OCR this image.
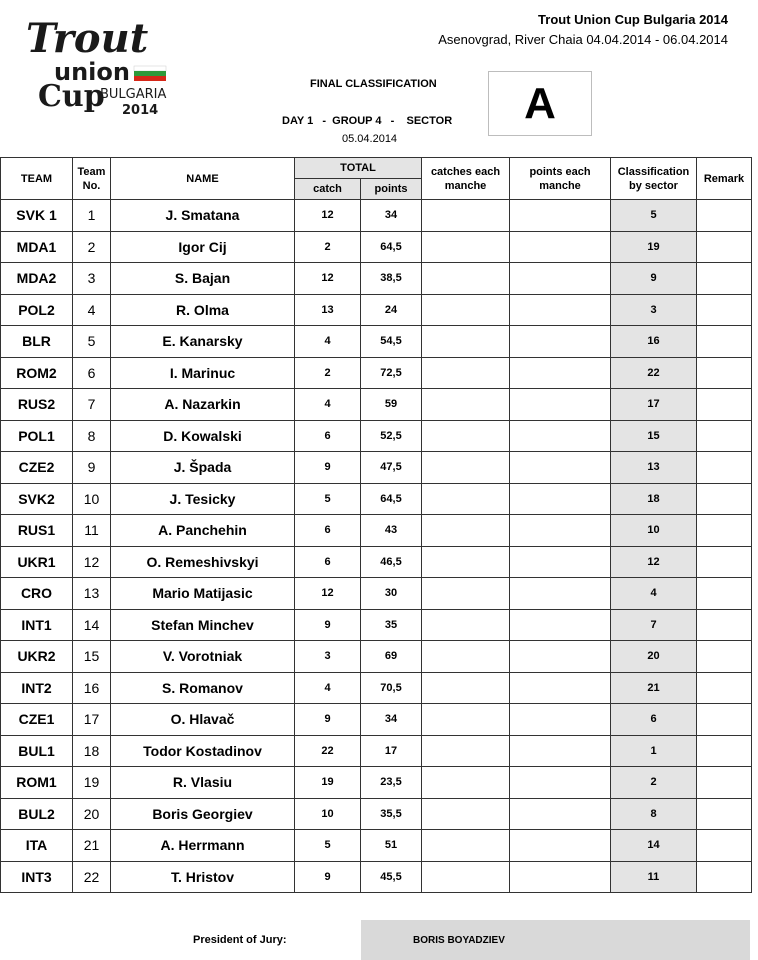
Trout
union
Cup
BULGARIA
2014
Trout Union Cup Bulgaria 2014
Asenovgrad, River Chaia 04.04.2014 - 06.04.2014
FINAL CLASSIFICATION
DAY 1   -  GROUP 4   -    SECTOR
05.04.2014
A
TEAM	Team No.	NAME	TOTAL		catches each manche	points each manche	Classification by sector	Remark
			catch	points				
SVK 1	1	J. Smatana	12	34			5	
MDA1	2	Igor Cij	2	64,5			19	
MDA2	3	S. Bajan	12	38,5			9	
POL2	4	R. Olma	13	24			3	
BLR	5	E. Kanarsky	4	54,5			16	
ROM2	6	I. Marinuc	2	72,5			22	
RUS2	7	A. Nazarkin	4	59			17	
POL1	8	D. Kowalski	6	52,5			15	
CZE2	9	J. Špada	9	47,5			13	
SVK2	10	J. Tesicky	5	64,5			18	
RUS1	11	A. Panchehin	6	43			10	
UKR1	12	O. Remeshivskyi	6	46,5			12	
CRO	13	Mario Matijasic	12	30			4	
INT1	14	Stefan Minchev	9	35			7	
UKR2	15	V. Vorotniak	3	69			20	
INT2	16	S. Romanov	4	70,5			21	
CZE1	17	O. Hlavač	9	34			6	
BUL1	18	Todor Kostadinov	22	17			1	
ROM1	19	R. Vlasiu	19	23,5			2	
BUL2	20	Boris Georgiev	10	35,5			8	
ITA	21	A. Herrmann	5	51			14	
INT3	22	T. Hristov	9	45,5			11	
President of Jury:	BORIS BOYADZIEV
